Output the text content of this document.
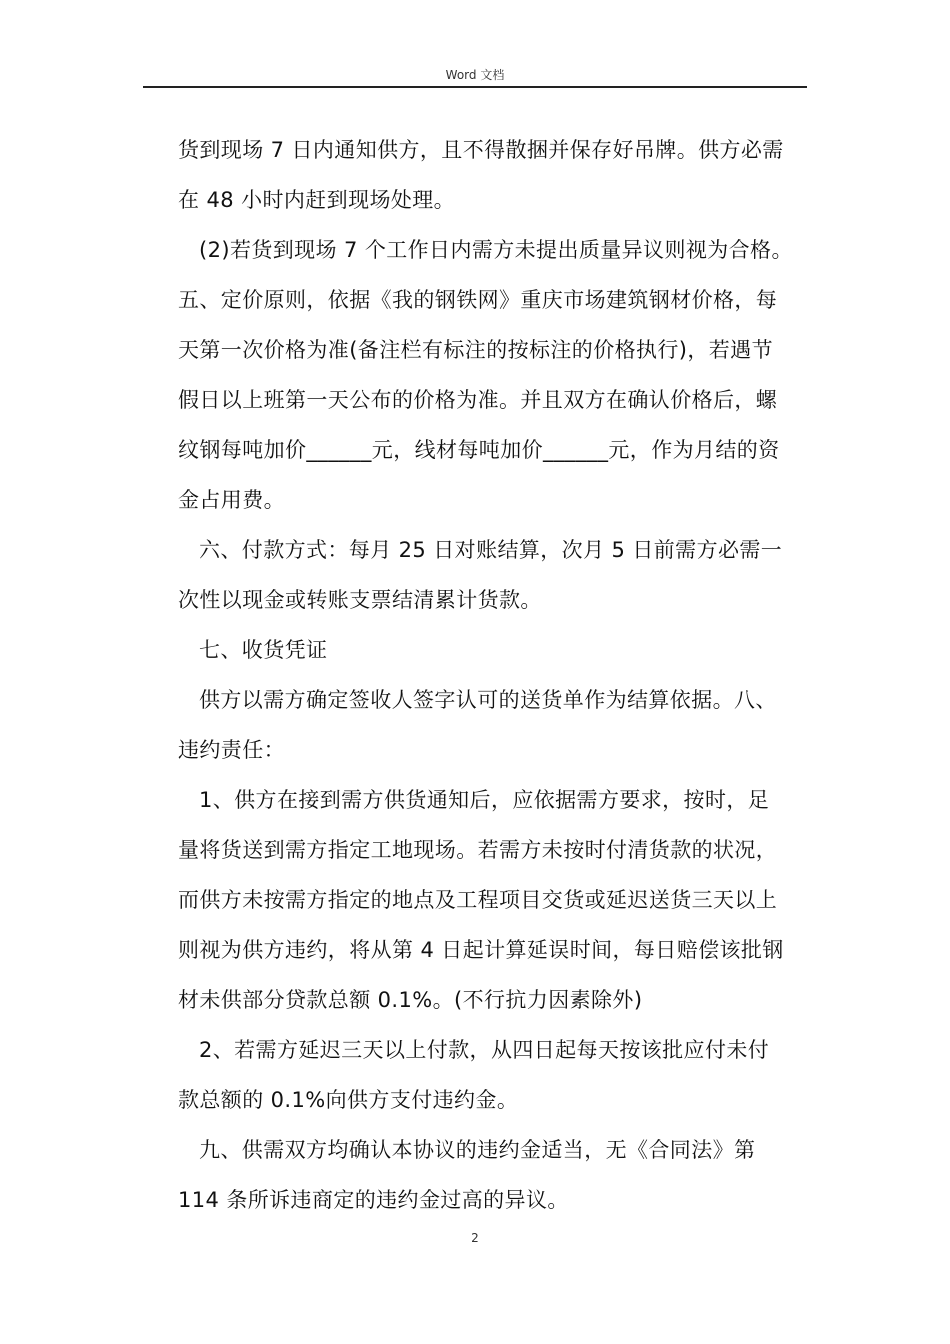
Word 文档

货到现场 7 日内通知供方，且不得散捆并保存好吊牌。供方必需

在 48 小时内赶到现场处理。

(2)若货到现场 7 个工作日内需方未提出质量异议则视为合格。

五、定价原则，依据《我的钢铁网》重庆市场建筑钢材价格，每

天第一次价格为准(备注栏有标注的按标注的价格执行)，若遇节

假日以上班第一天公布的价格为准。并且双方在确认价格后，螺

纹钢每吨加价______元，线材每吨加价______元，作为月结的资

金占用费。

六、付款方式：每月 25 日对账结算，次月 5 日前需方必需一

次性以现金或转账支票结清累计货款。

七、收货凭证

供方以需方确定签收人签字认可的送货单作为结算依据。八、

违约责任：

1、供方在接到需方供货通知后，应依据需方要求，按时，足

量将货送到需方指定工地现场。若需方未按时付清货款的状况，

而供方未按需方指定的地点及工程项目交货或延迟送货三天以上

则视为供方违约，将从第 4 日起计算延误时间，每日赔偿该批钢

材未供部分贷款总额 0.1%。(不行抗力因素除外)

2、若需方延迟三天以上付款，从四日起每天按该批应付未付

款总额的 0.1%向供方支付违约金。

九、供需双方均确认本协议的违约金适当，无《合同法》第

114 条所诉违商定的违约金过高的异议。

2
